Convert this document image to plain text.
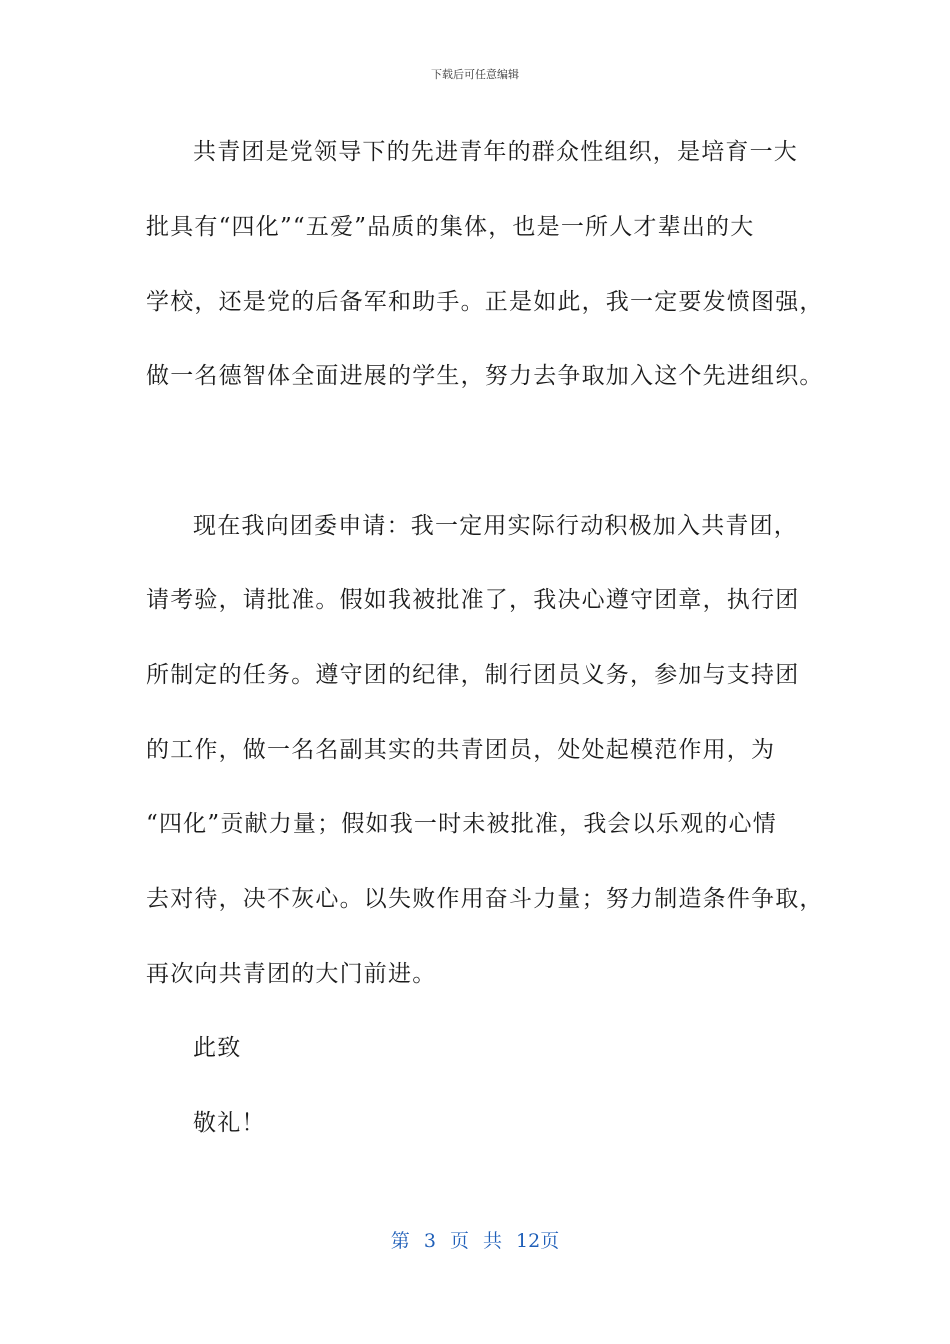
下载后可任意编辑
共青团是党领导下的先进青年的群众性组织，是培育一大
批具有“四化”“五爱”品质的集体，也是一所人才辈出的大
学校，还是党的后备军和助手。正是如此，我一定要发愤图强，
做一名德智体全面进展的学生，努力去争取加入这个先进组织。
现在我向团委申请：我一定用实际行动积极加入共青团，
请考验，请批准。假如我被批准了，我决心遵守团章，执行团
所制定的任务。遵守团的纪律，制行团员义务，参加与支持团
的工作，做一名名副其实的共青团员，处处起模范作用，为
“四化”贡献力量；假如我一时未被批准，我会以乐观的心情
去对待，决不灰心。以失败作用奋斗力量；努力制造条件争取，
再次向共青团的大门前进。
此致
敬礼！
第 3 页 共 12页
